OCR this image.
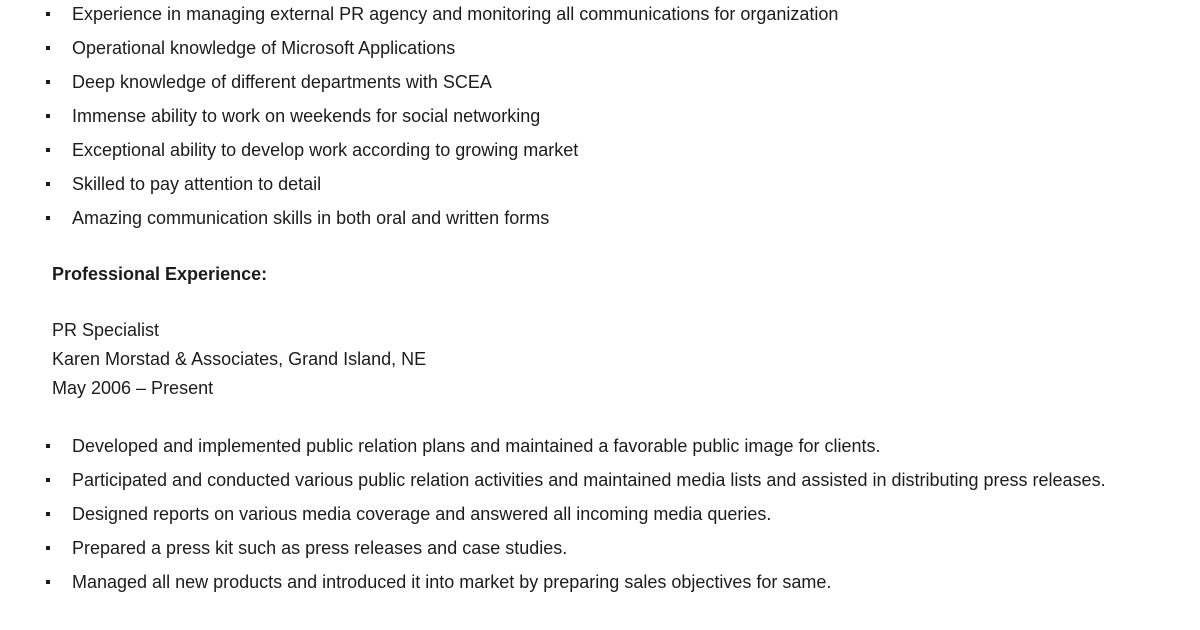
Experience in managing external PR agency and monitoring all communications for organization
Operational knowledge of Microsoft Applications
Deep knowledge of different departments with SCEA
Immense ability to work on weekends for social networking
Exceptional ability to develop work according to growing market
Skilled to pay attention to detail
Amazing communication skills in both oral and written forms
Professional Experience:
PR Specialist
Karen Morstad & Associates, Grand Island, NE
May 2006 – Present
Developed and implemented public relation plans and maintained a favorable public image for clients.
Participated and conducted various public relation activities and maintained media lists and assisted in distributing press releases.
Designed reports on various media coverage and answered all incoming media queries.
Prepared a press kit such as press releases and case studies.
Managed all new products and introduced it into market by preparing sales objectives for same.
